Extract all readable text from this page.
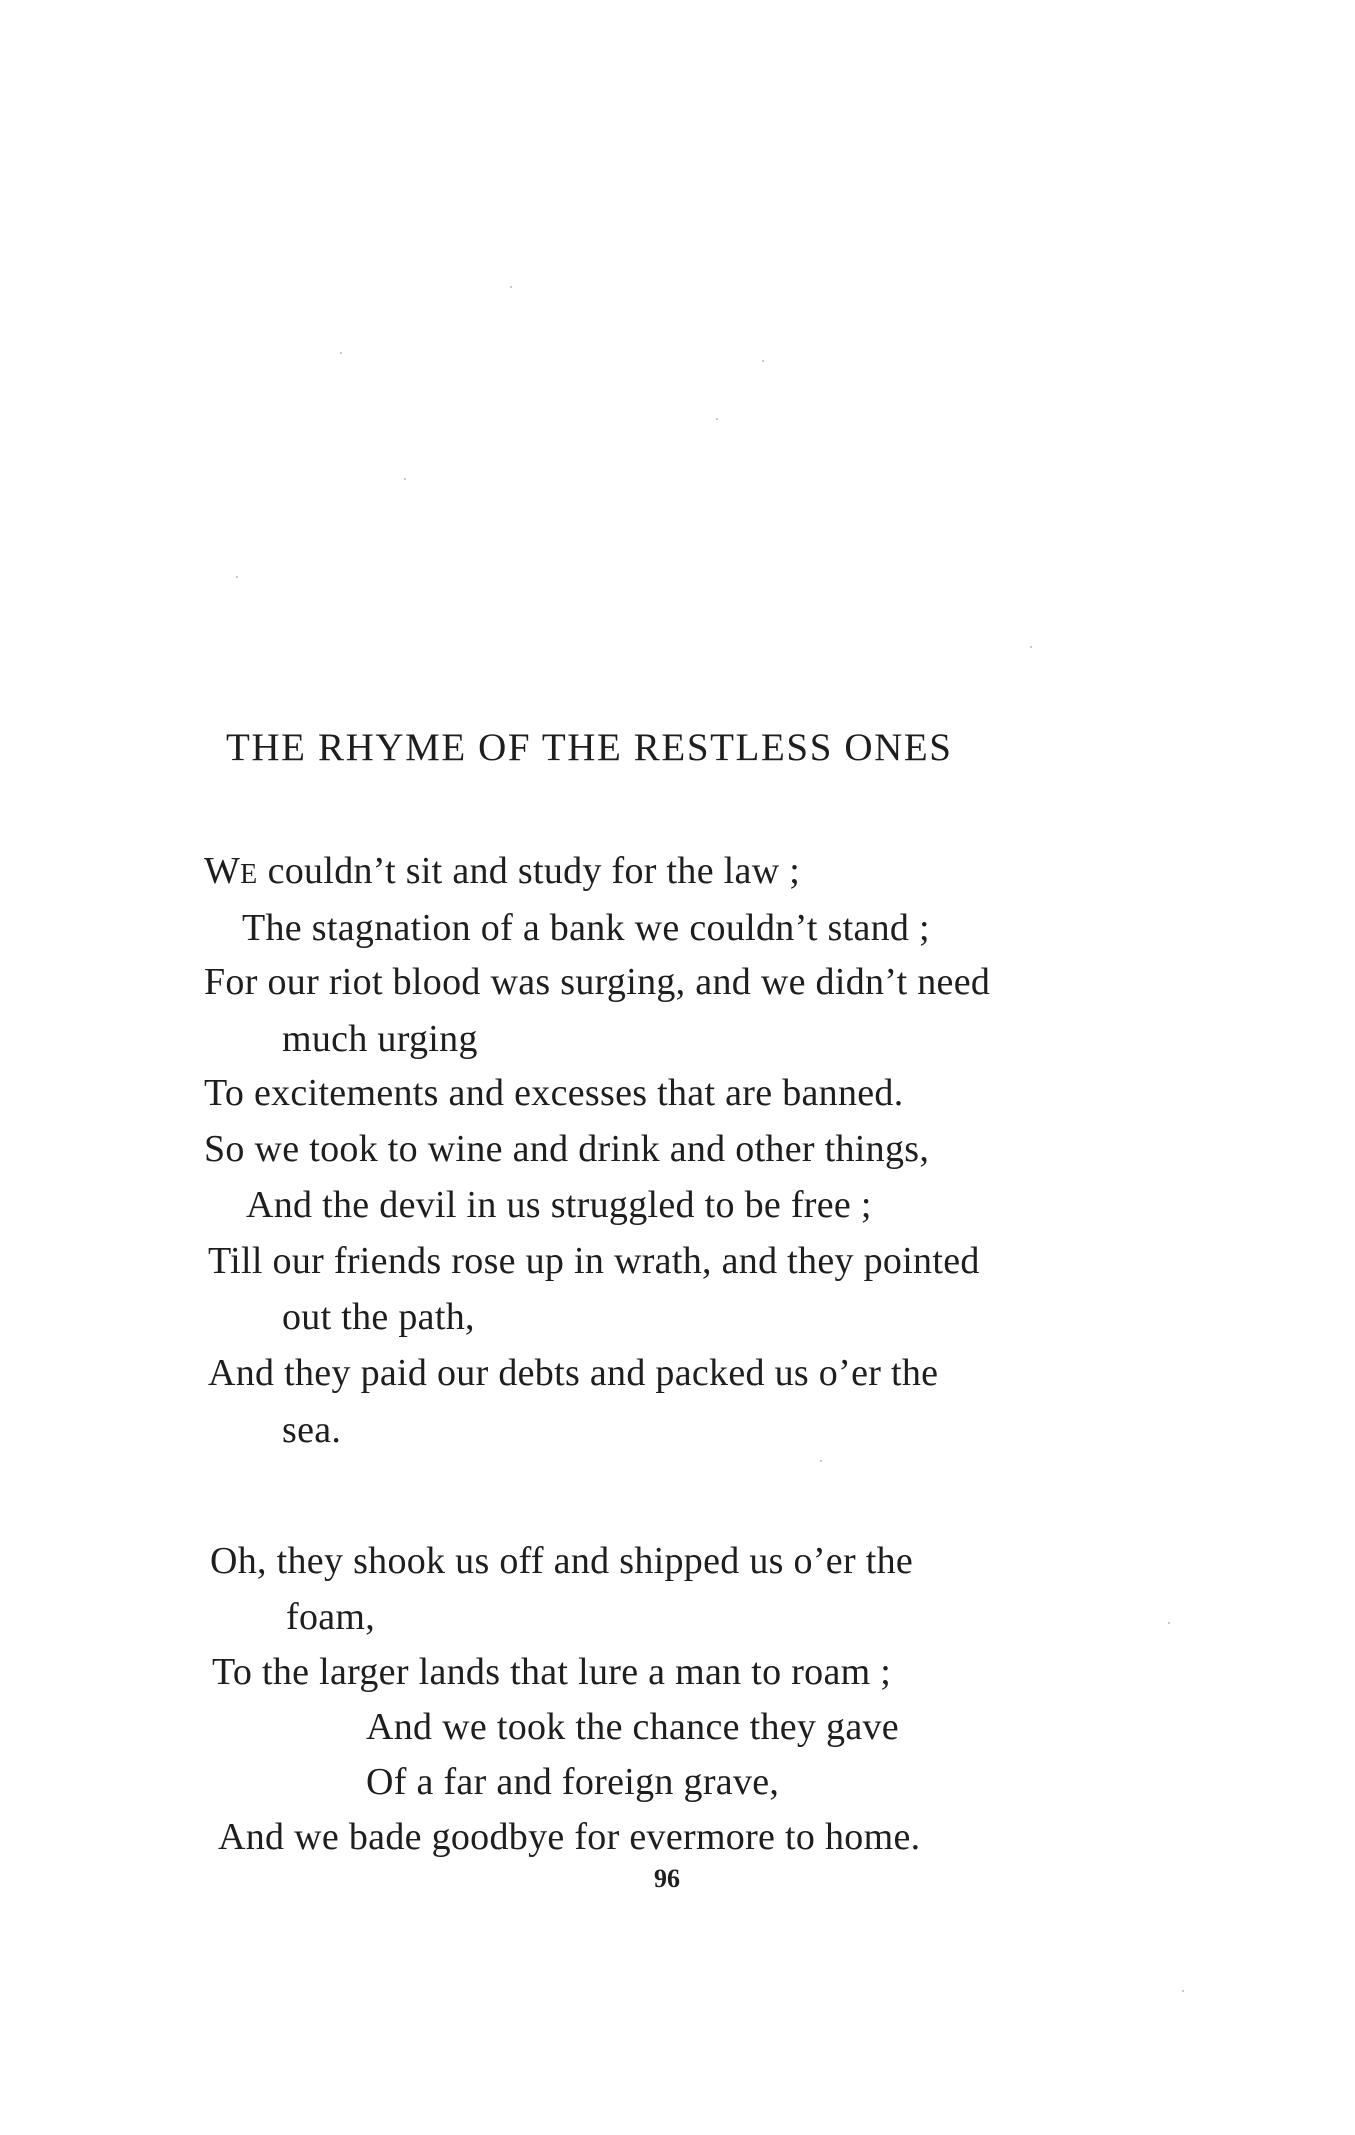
THE RHYME OF THE RESTLESS ONES
WE couldn’t sit and study for the law ;
The stagnation of a bank we couldn’t stand ;
For our riot blood was surging, and we didn’t need
much urging
To excitements and excesses that are banned.
So we took to wine and drink and other things,
And the devil in us struggled to be free ;
Till our friends rose up in wrath, and they pointed
out the path,
And they paid our debts and packed us o’er the
sea.
Oh, they shook us off and shipped us o’er the
foam,
To the larger lands that lure a man to roam ;
And we took the chance they gave
Of a far and foreign grave,
And we bade goodbye for evermore to home.
96
